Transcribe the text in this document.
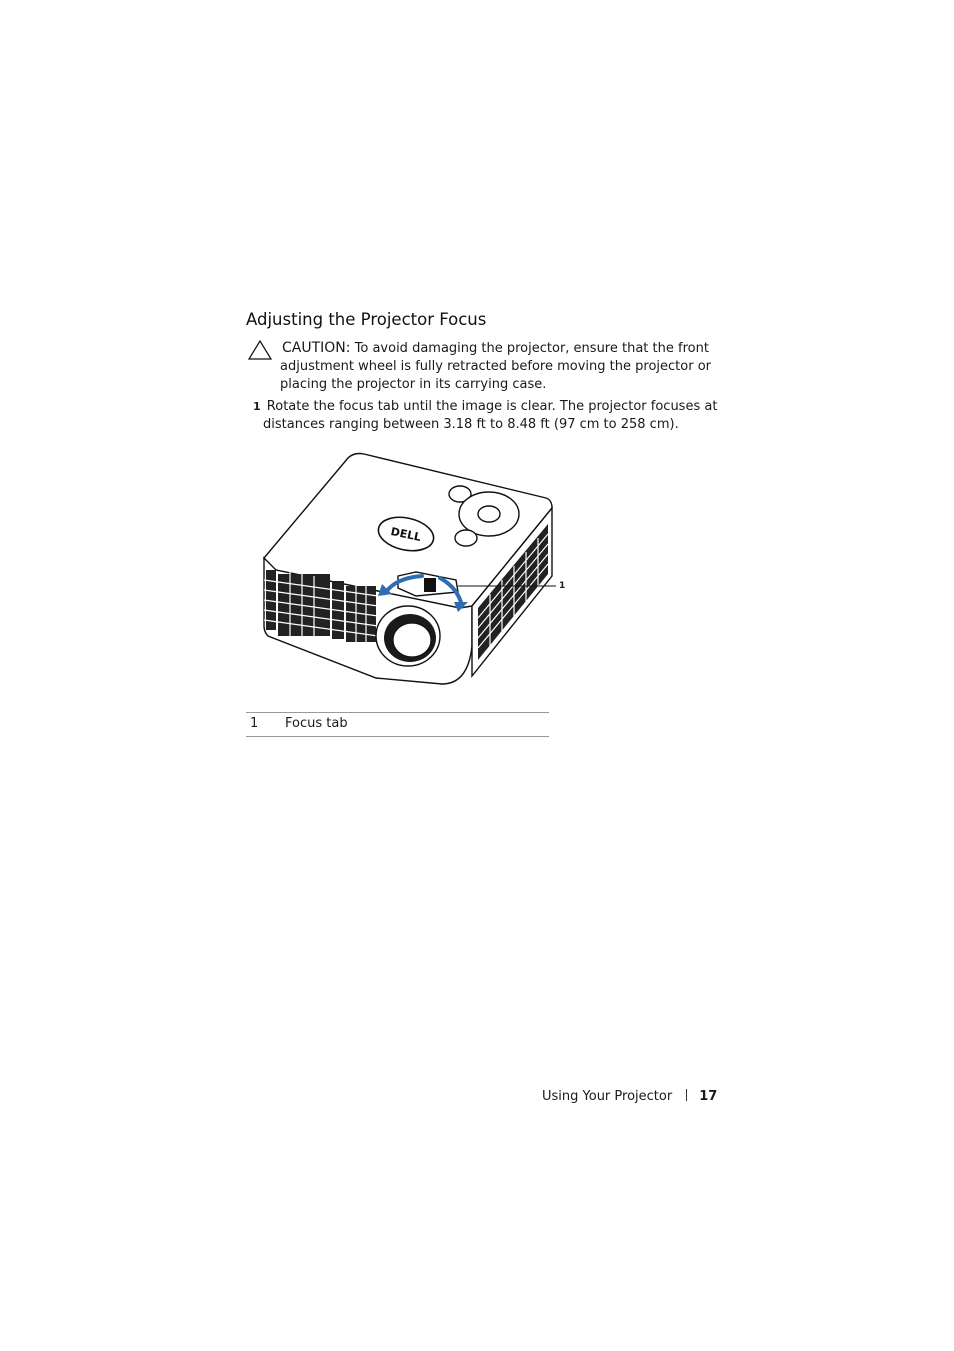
Adjusting the Projector Focus
CAUTION: To avoid damaging the projector, ensure that the front adjustment wheel is fully retracted before moving the projector or placing the projector in its carrying case.
1 Rotate the focus tab until the image is clear. The projector focuses at
distances ranging between 3.18 ft to 8.48 ft (97 cm to 258 cm).
DELL
1
1 Focus tab
Using Your Projector 17
